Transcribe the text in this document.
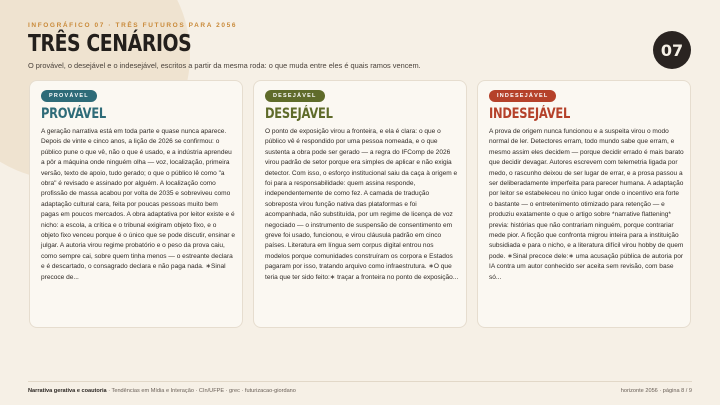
INFOGRÁFICO 07 · TRÊS FUTUROS PARA 2056
TRÊS CENÁRIOS
O provável, o desejável e o indesejável, escritos a partir da mesma roda: o que muda entre eles é quais ramos vencem.
07
PROVÁVEL
PROVÁVEL
A geração narrativa está em toda parte e quase nunca aparece. Depois de vinte e cinco anos, a lição de 2026 se confirmou: o público pune o que vê, não o que é usado, e a indústria aprendeu a pôr a máquina onde ninguém olha — voz, localização, primeira versão, texto de apoio, tudo gerado; o que o público lê como "a obra" é revisado e assinado por alguém. A localização como profissão de massa acabou por volta de 2035 e sobreviveu como adaptação cultural cara, feita por poucas pessoas muito bem pagas em poucos mercados. A obra adaptativa por leitor existe e é nicho: a escola, a crítica e o tribunal exigiram objeto fixo, e o objeto fixo venceu porque é o único que se pode discutir, ensinar e julgar. A autoria virou regime probatório e o peso da prova caiu, como sempre cai, sobre quem tinha menos — o estreante declara e é descartado, o consagrado declara e não paga nada. ∗Sinal precoce de...
DESEJÁVEL
DESEJÁVEL
O ponto de exposição virou a fronteira, e ela é clara: o que o público vê é respondido por uma pessoa nomeada, e o que sustenta a obra pode ser gerado — a regra do IFComp de 2026 virou padrão de setor porque era simples de aplicar e não exigia detector. Com isso, o esforço institucional saiu da caça à origem e foi para a responsabilidade: quem assina responde, independentemente de como fez. A camada de tradução sobreposta virou função nativa das plataformas e foi acompanhada, não substituída, por um regime de licença de voz negociado — o instrumento de suspensão de consentimento em greve foi usado, funcionou, e virou cláusula padrão em cinco países. Literatura em língua sem corpus digital entrou nos modelos porque comunidades construíram os corpora e Estados pagaram por isso, tratando arquivo como infraestrutura. ∗O que teria que ter sido feito:∗ traçar a fronteira no ponto de exposição...
INDESEJÁVEL
INDESEJÁVEL
A prova de origem nunca funcionou e a suspeita virou o modo normal de ler. Detectores erram, todo mundo sabe que erram, e mesmo assim eles decidem — porque decidir errado é mais barato que decidir devagar. Autores escrevem com telemetria ligada por medo, o rascunho deixou de ser lugar de errar, e a prosa passou a ser deliberadamente imperfeita para parecer humana. A adaptação por leitor se estabeleceu no único lugar onde o incentivo era forte o bastante — o entretenimento otimizado para retenção — e produziu exatamente o que o artigo sobre *narrative flattening* previa: histórias que não contrariam ninguém, porque contrariar mede pior. A ficção que confronta migrou inteira para a instituição subsidiada e para o nicho, e a literatura difícil virou hobby de quem pode. ∗Sinal precoce dele:∗ uma acusação pública de autoria por IA contra um autor conhecido ser aceita sem revisão, com base só...
Narrativa gerativa e coautoria · Tendências em Mídia e Interação · CIn/UFPE · grec · futurizacao-giordano	horizonte 2056 · página 8 / 9
